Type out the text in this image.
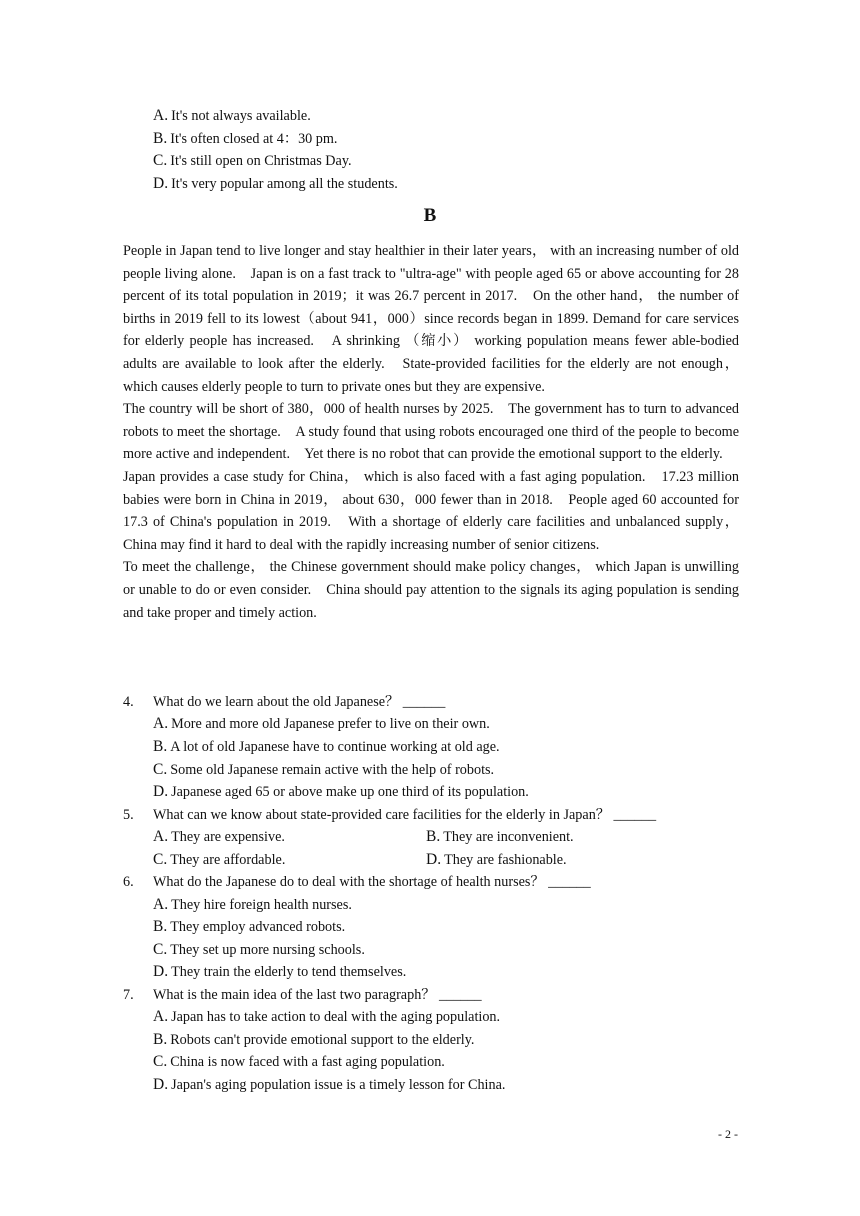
A. It's not always available.
B. It's often closed at 4：30 pm.
C. It's still open on Christmas Day.
D. It's very popular among all the students.
B

People in Japan tend to live longer and stay healthier in their later years， with an increasing number of old people living alone.　Japan is on a fast track to "ultra-age" with people aged 65 or above accounting for 28 percent of its total population in 2019；it was 26.7 percent in 2017.　On the other hand， the number of births in 2019 fell to its lowest（about 941，000）since records began in 1899. Demand for care services for elderly people has increased.　A shrinking （缩小） working population means fewer able-bodied adults are available to look after the elderly.　State-provided facilities for the elderly are not enough， which causes elderly people to turn to private ones but they are expensive.

The country will be short of 380，000 of health nurses by 2025.　The government has to turn to advanced robots to meet the shortage.　A study found that using robots encouraged one third of the people to become more active and independent.　Yet there is no robot that can provide the emotional support to the elderly.

Japan provides a case study for China， which is also faced with a fast aging population.　17.23 million babies were born in China in 2019， about 630，000 fewer than in 2018.　People aged 60 accounted for 17.3 of China's population in 2019.　With a shortage of elderly care facilities and unbalanced supply， China may find it hard to deal with the rapidly increasing number of senior citizens.

To meet the challenge， the Chinese government should make policy changes， which Japan is unwilling or unable to do or even consider.　China should pay attention to the signals its aging population is sending and take proper and timely action.

4. What do we learn about the old Japanese？ ______
A. More and more old Japanese prefer to live on their own.
B. A lot of old Japanese have to continue working at old age.
C. Some old Japanese remain active with the help of robots.
D. Japanese aged 65 or above make up one third of its population.
5. What can we know about state-provided care facilities for the elderly in Japan？ ______
A. They are expensive.	B. They are inconvenient.
C. They are affordable.	D. They are fashionable.
6. What do the Japanese do to deal with the shortage of health nurses？ ______
A. They hire foreign health nurses.
B. They employ advanced robots.
C. They set up more nursing schools.
D. They train the elderly to tend themselves.
7. What is the main idea of the last two paragraph？ ______
A. Japan has to take action to deal with the aging population.
B. Robots can't provide emotional support to the elderly.
C. China is now faced with a fast aging population.
D. Japan's aging population issue is a timely lesson for China.
- 2 -
